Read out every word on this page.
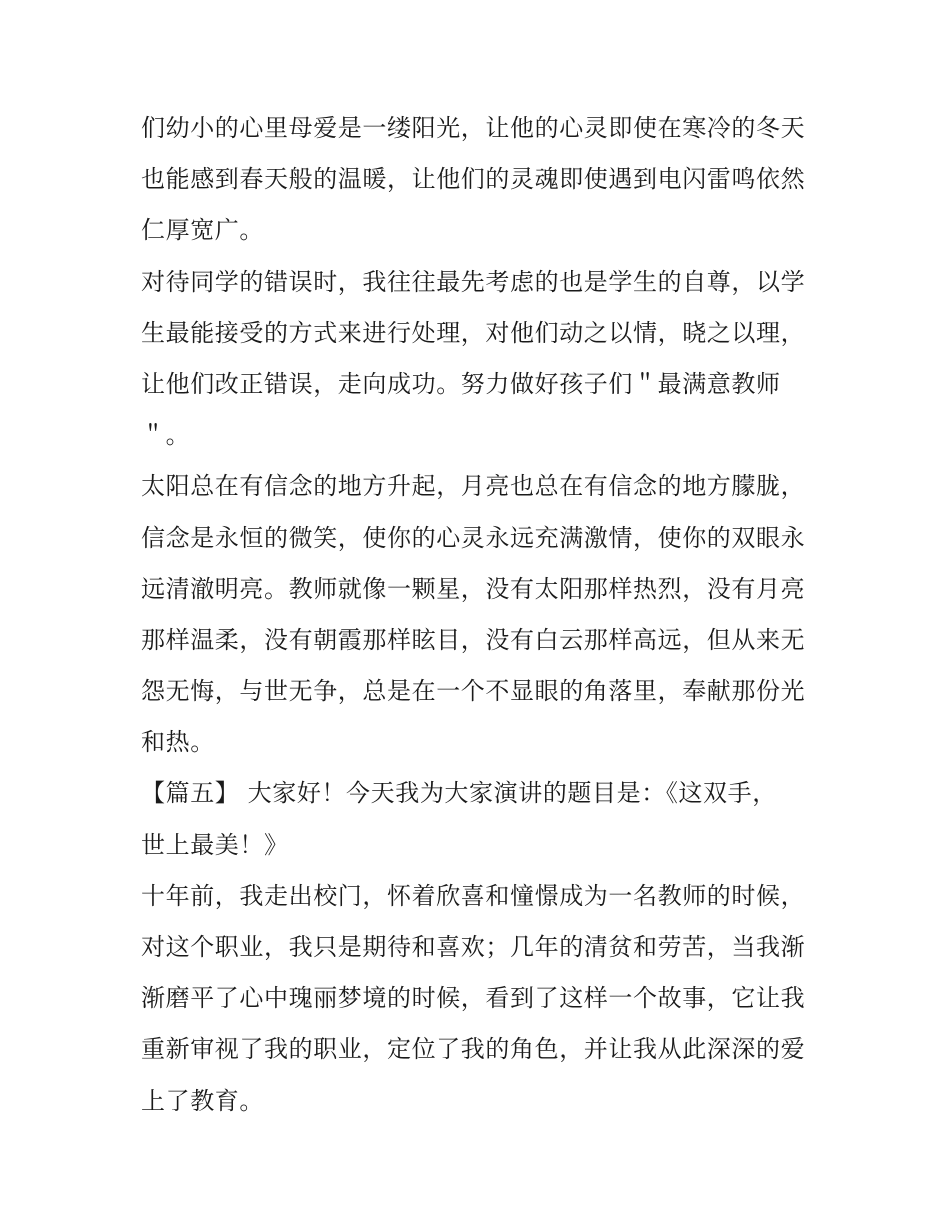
们幼小的心里母爱是一缕阳光，让他的心灵即使在寒冷的冬天
也能感到春天般的温暖，让他们的灵魂即使遇到电闪雷鸣依然
仁厚宽广。
对待同学的错误时，我往往最先考虑的也是学生的自尊，以学
生最能接受的方式来进行处理，对他们动之以情，晓之以理，
让他们改正错误，走向成功。努力做好孩子们＂最满意教师
＂。
太阳总在有信念的地方升起，月亮也总在有信念的地方朦胧，
信念是永恒的微笑，使你的心灵永远充满激情，使你的双眼永
远清澈明亮。教师就像一颗星，没有太阳那样热烈，没有月亮
那样温柔，没有朝霞那样眩目，没有白云那样高远，但从来无
怨无悔，与世无争，总是在一个不显眼的角落里，奉献那份光
和热。
【篇五】 大家好！今天我为大家演讲的题目是：《这双手，
世上最美！》
十年前，我走出校门，怀着欣喜和憧憬成为一名教师的时候，
对这个职业，我只是期待和喜欢；几年的清贫和劳苦，当我渐
渐磨平了心中瑰丽梦境的时候，看到了这样一个故事，它让我
重新审视了我的职业，定位了我的角色，并让我从此深深的爱
上了教育。
